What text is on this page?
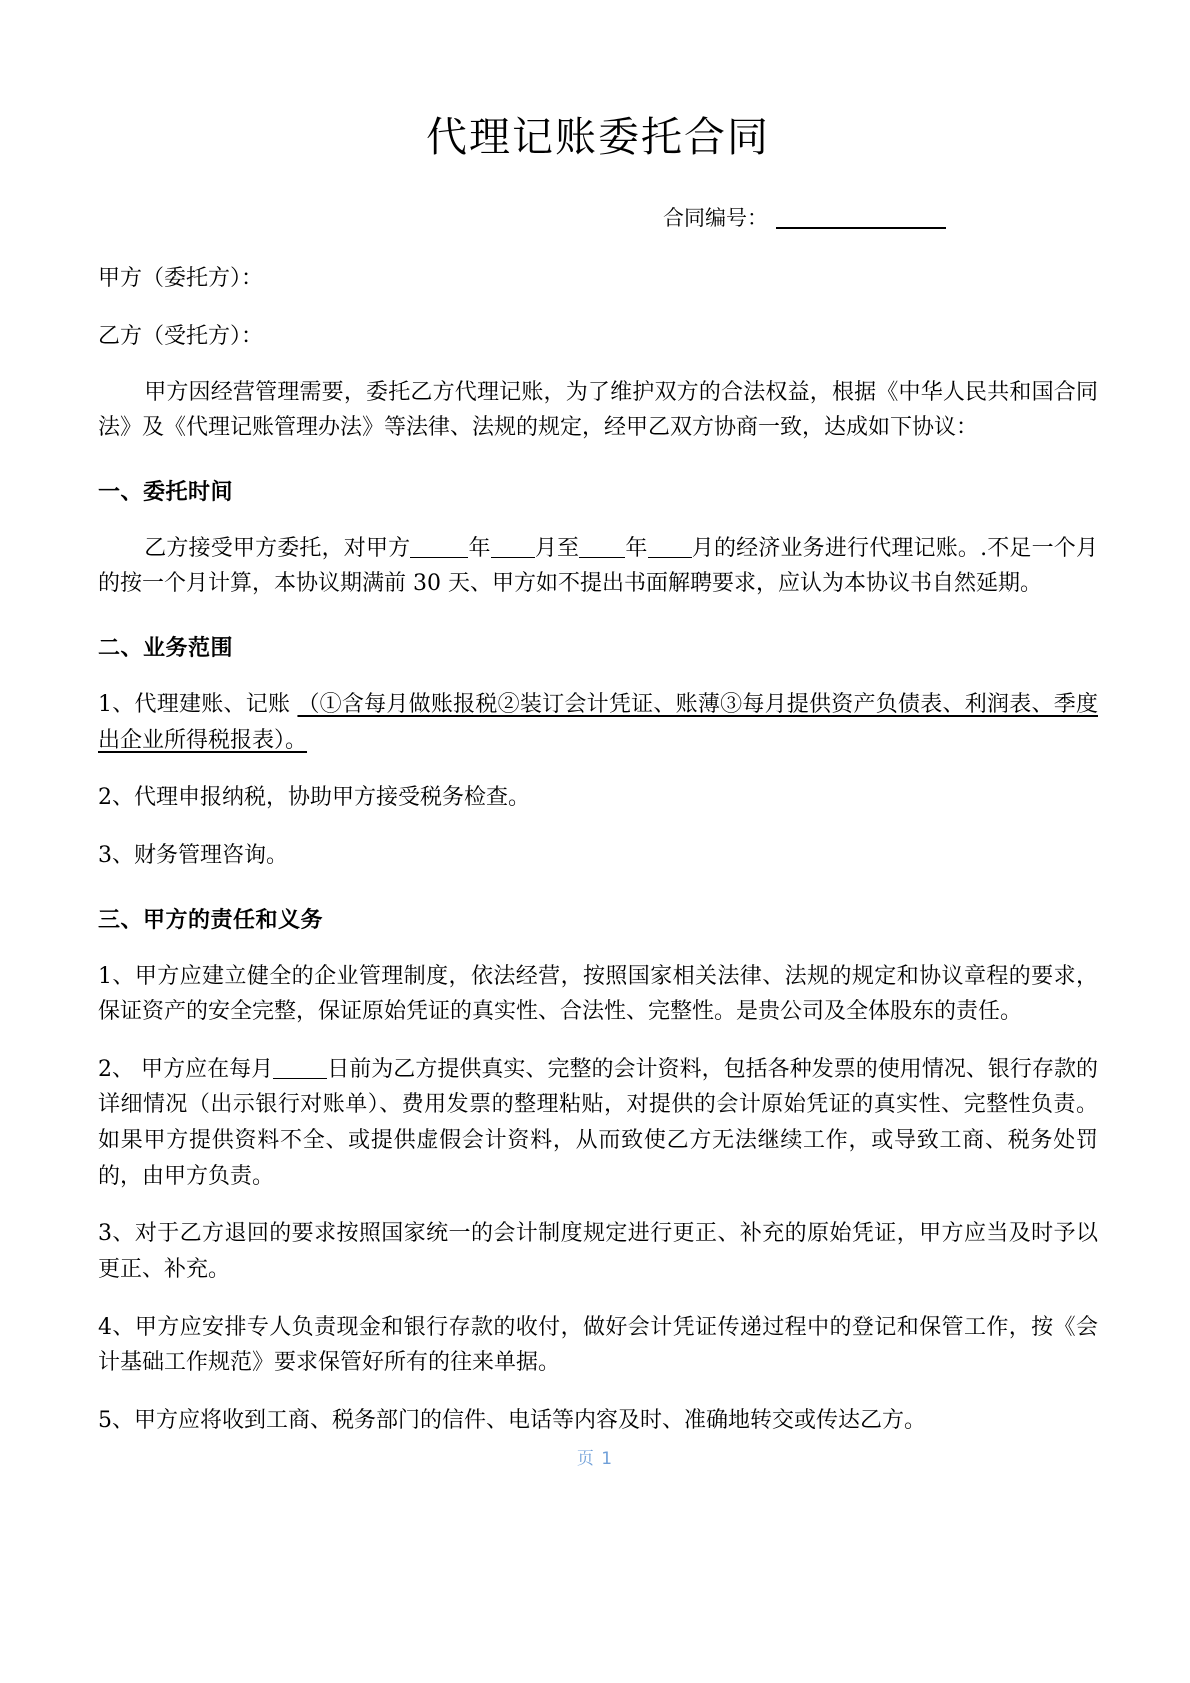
代理记账委托合同
合同编号：
甲方（委托方）：
乙方（受托方）：

甲方因经营管理需要，委托乙方代理记账，为了维护双方的合法权益，根据《中华人民共和国合同法》及《代理记账管理办法》等法律、法规的规定，经甲乙双方协商一致，达成如下协议：

一、委托时间

乙方接受甲方委托，对甲方	年 月至 年 月的经济业务进行代理记账。.不足一个月的按一个月计算，本协议期满前 30 天、甲方如不提出书面解聘要求，应认为本协议书自然延期。

二、业务范围

1、代理建账、记账 （①含每月做账报税②装订会计凭证、账薄③每月提供资产负债表、利润表、季度出企业所得税报表）。

2、代理申报纳税，协助甲方接受税务检查。

3、财务管理咨询。

三、甲方的责任和义务

1、甲方应建立健全的企业管理制度，依法经营，按照国家相关法律、法规的规定和协议章程的要求，保证资产的安全完整，保证原始凭证的真实性、合法性、完整性。是贵公司及全体股东的责任。

2、 甲方应在每月 日前为乙方提供真实、完整的会计资料，包括各种发票的使用情况、银行存款的详细情况（出示银行对账单）、费用发票的整理粘贴，对提供的会计原始凭证的真实性、完整性负责。如果甲方提供资料不全、或提供虚假会计资料，从而致使乙方无法继续工作，或导致工商、税务处罚的，由甲方负责。

3、对于乙方退回的要求按照国家统一的会计制度规定进行更正、补充的原始凭证，甲方应当及时予以更正、补充。

4、甲方应安排专人负责现金和银行存款的收付，做好会计凭证传递过程中的登记和保管工作，按《会计基础工作规范》要求保管好所有的往来单据。

5、甲方应将收到工商、税务部门的信件、电话等内容及时、准确地转交或传达乙方。

页 1
